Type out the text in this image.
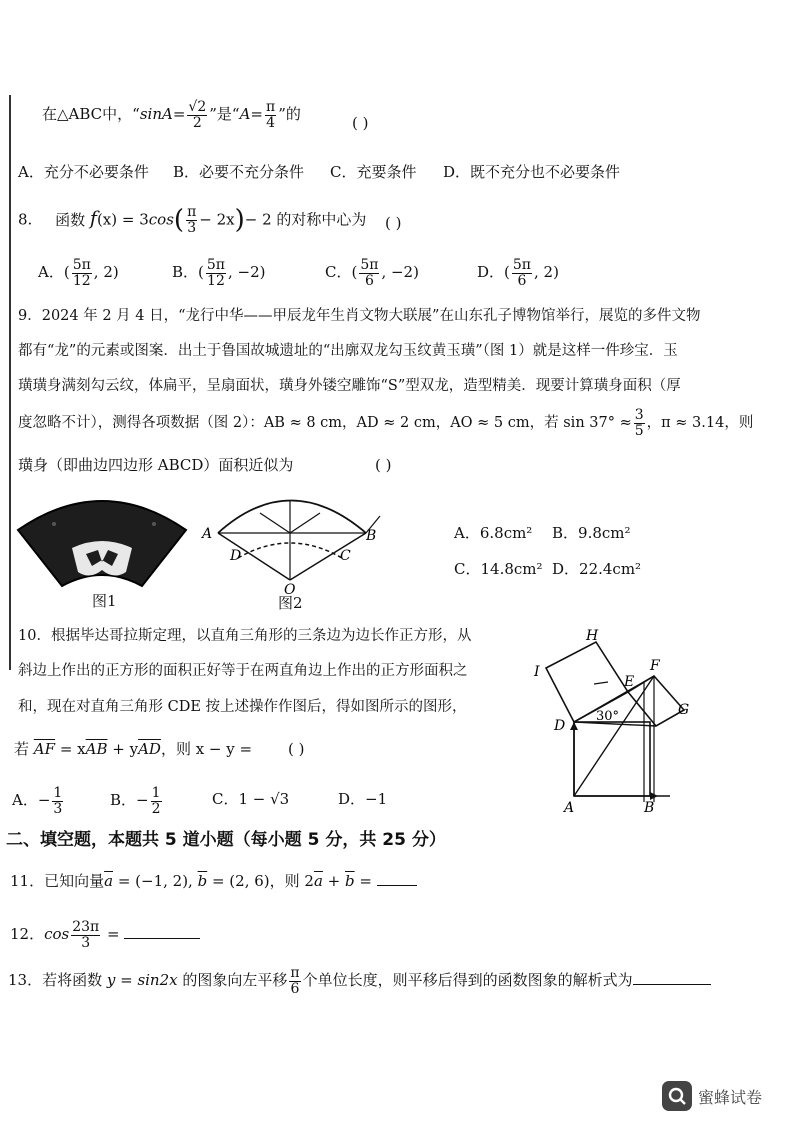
在△ABC中，“$\sin A= \frac{√2}{2}$ ”是“$A= \frac{\pi}{4}$ ”的	( )
A．充分不必要条件 B．必要不充分条件 C．充要条件 D．既不充分也不必要条件
8. 函数 $f(x) = 3\cos( \frac{\pi}{3} - 2x)- 2$ 的对称中心为 ( )
A．( $\frac{5\pi}{12}$ , 2)	B．( $\frac{5\pi}{12}$ , −2)	C．( $\frac{5\pi}{6}$ , −2)	D．( $\frac{5\pi}{6}$ , 2)
9．2024 年 2 月 4 日，“龙行中华——甲辰龙年生肖文物大联展”在山东孔子博物馆举行，展览的多件文物
都有“龙”的元素或图案．出土于鲁国故城遗址的“出廓双龙勾玉纹黄玉璜”（图 1）就是这样一件珍宝．玉
璜璜身满刻勾云纹，体扁平，呈扇面状，璜身外镂空雕饰“S”型双龙，造型精美．现要计算璜身面积（厚
度忽略不计），测得各项数据（图 2）：AB ≈ 8 cm，AD ≈ 2 cm，AO ≈ 5 cm，若 $\sin 37^\circ \approx \frac{3}{5}$ ，π ≈ 3.14，则
璜身（即曲边四边形 ABCD）面积近似为	( )
图1
A	B
C
D
O
图2
A．6.8cm² B．9.8cm²
C．14.8cm² D．22.4cm²
10．根据毕达哥拉斯定理，以直角三角形的三条边为边长作正方形，从
斜边上作出的正方形的面积正好等于在两直角边上作出的正方形面积之
和，现在对直角三角形 CDE 按上述操作作图后，得如图所示的图形，
若 $\overline{AF} = x\overline{AB} + y\overline{AD}$，则 x − y = ( )
A．− $\frac{1}{3}$	B．− $\frac{1}{2}$	C．1 − √3	D．−1
H
I
E
F
D
G
A	B
30°
二、填空题，本题共 5 道小题（每小题 5 分，共 25 分）
11．已知向量$\overline{a} = (-1$, 2), $\overline{b} = (2$, 6)，则 $2\overline{a} + \overline{b}$ =
12．$\cos \frac{23\pi}{3}$ =
13．若将函数 y = sin2x 的图象向左平移 $\frac{\pi}{6}$ 个单位长度，则平移后得到的函数图象的解析式为
蜜蜂试卷
